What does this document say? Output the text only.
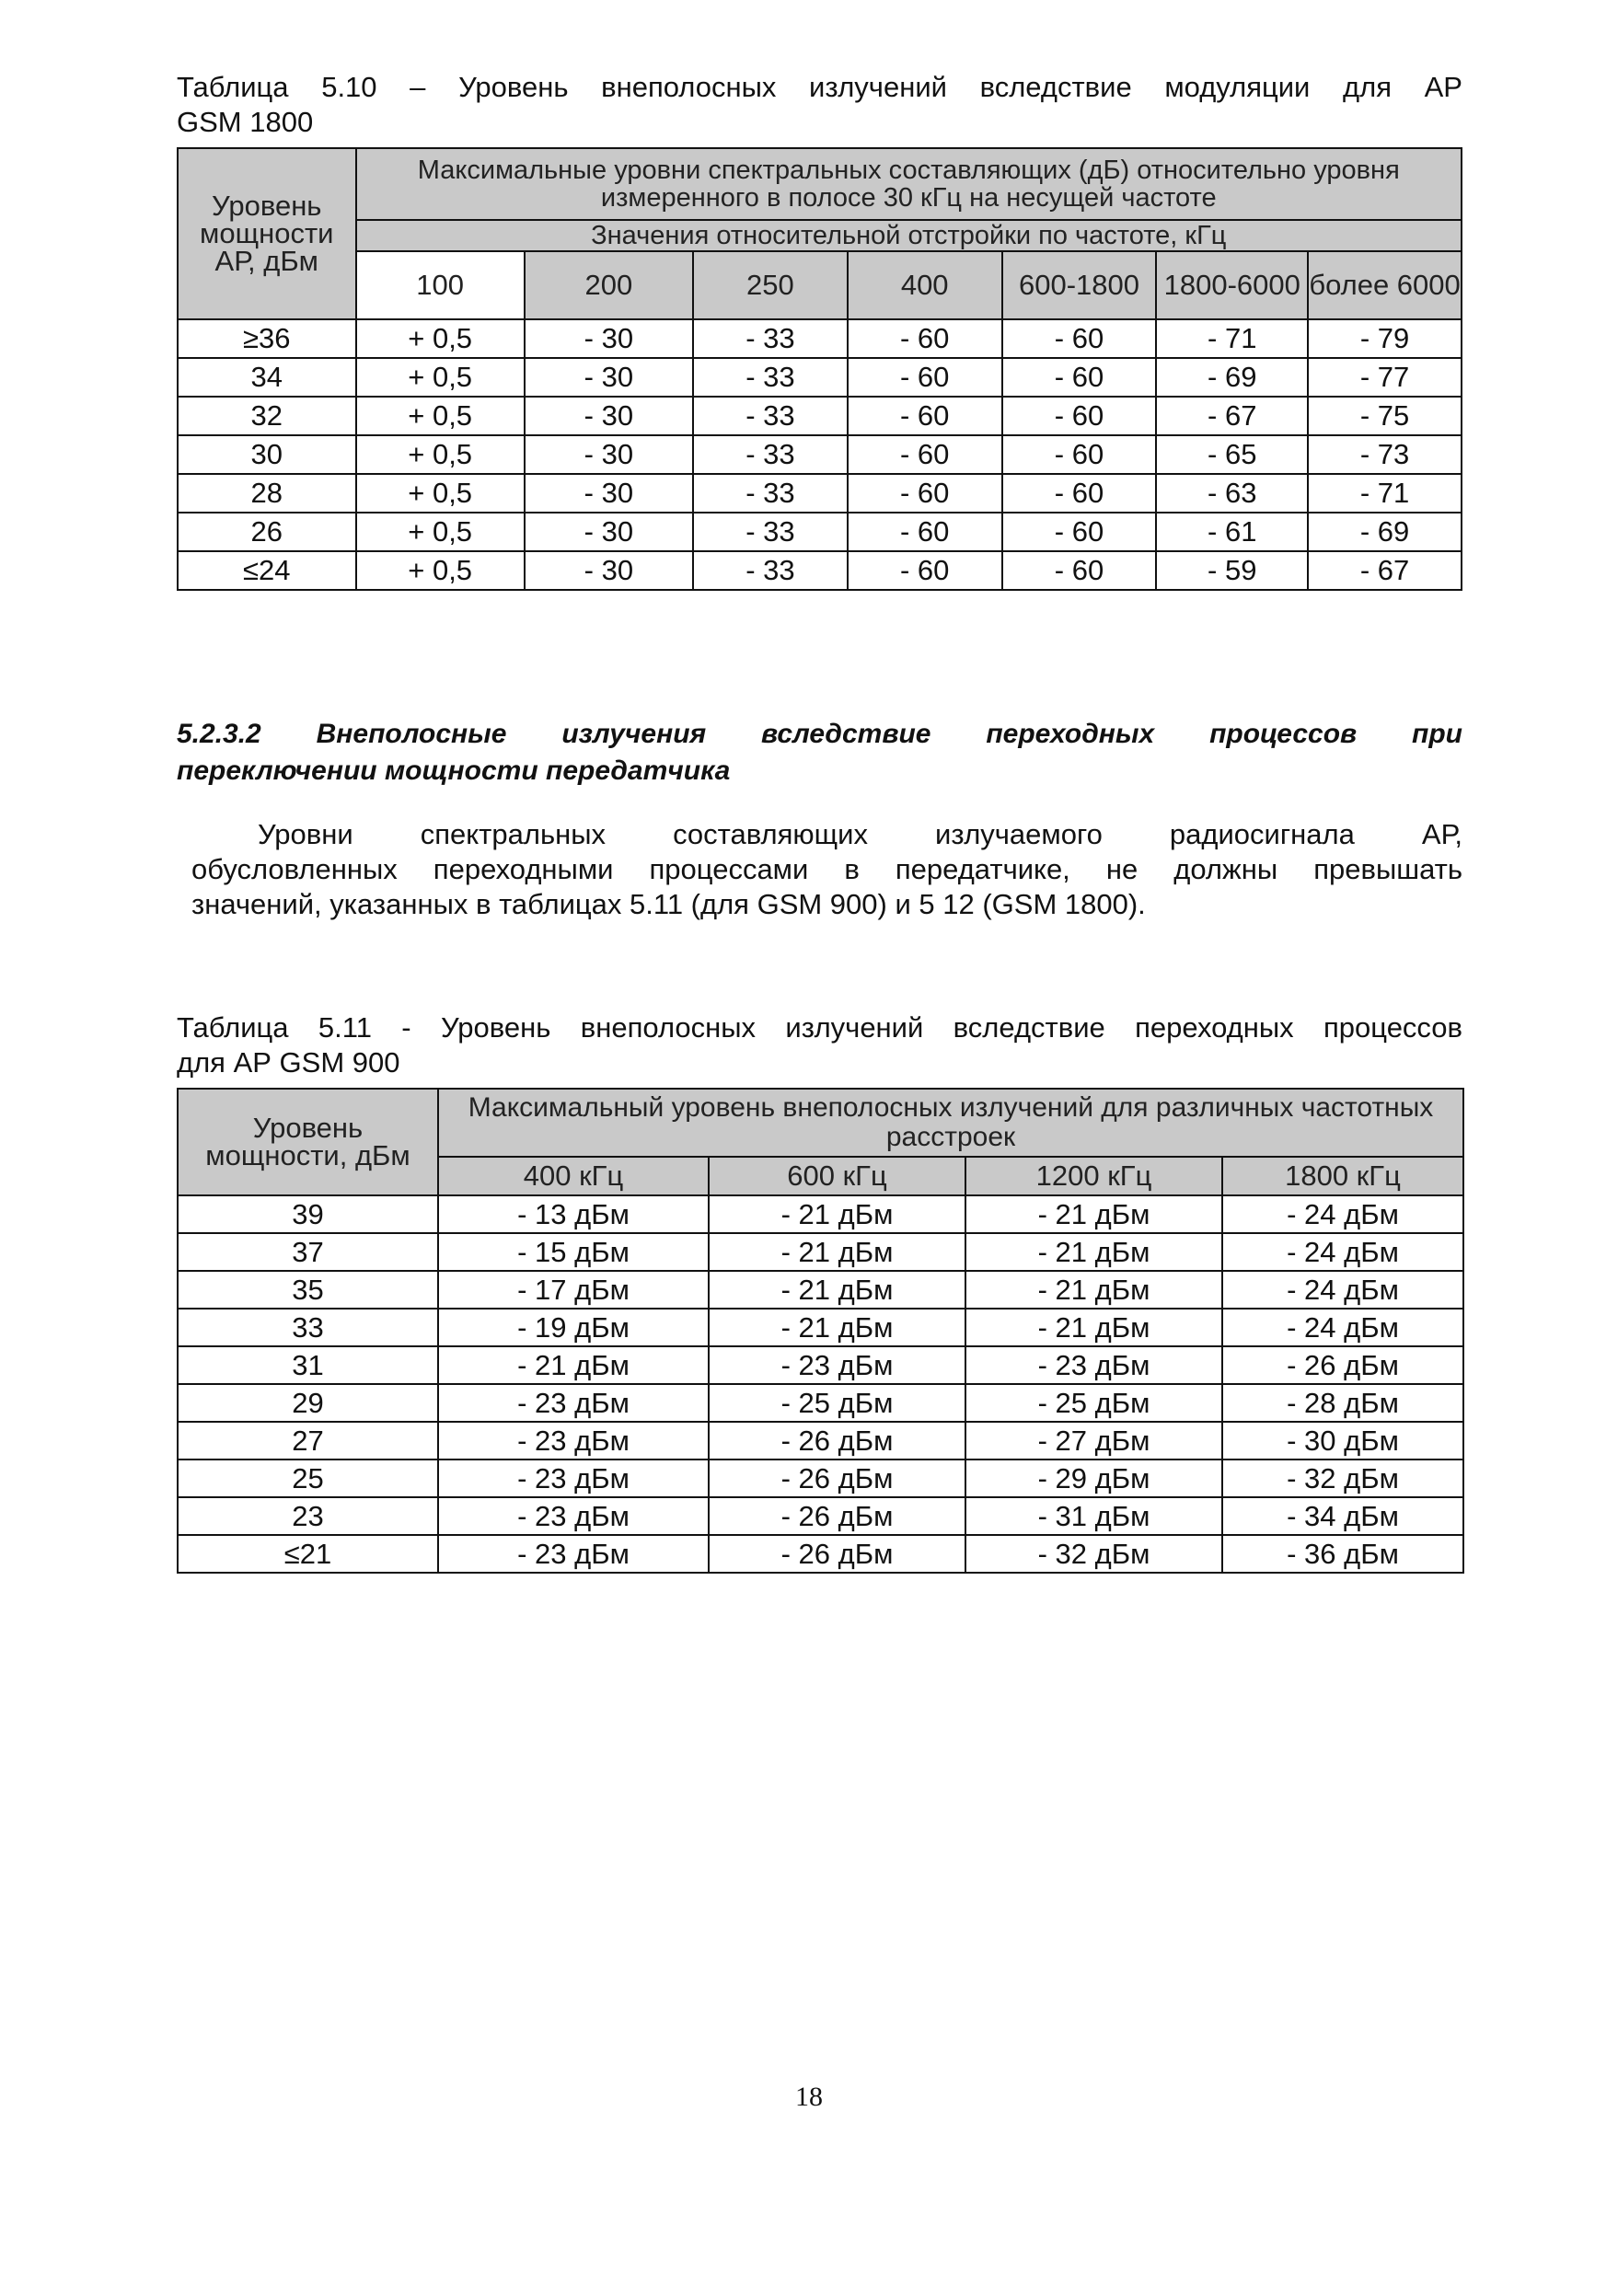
Таблица 5.10 – Уровень внеполосных излучений вследствие модуляции для АР
GSM 1800
Уровень мощности АР, дБм	Максимальные уровни спектральных составляющих (дБ) относительно уровня измеренного в полосе 30 кГц на несущей частоте						
	Значения относительной отстройки по частоте, кГц						
	100	200	250	400	600-1800	1800-6000	более 6000
≥36	+ 0,5	- 30	- 33	- 60	- 60	- 71	- 79
34	+ 0,5	- 30	- 33	- 60	- 60	- 69	- 77
32	+ 0,5	- 30	- 33	- 60	- 60	- 67	- 75
30	+ 0,5	- 30	- 33	- 60	- 60	- 65	- 73
28	+ 0,5	- 30	- 33	- 60	- 60	- 63	- 71
26	+ 0,5	- 30	- 33	- 60	- 60	- 61	- 69
≤24	+ 0,5	- 30	- 33	- 60	- 60	- 59	- 67
5.2.3.2 Внеполосные излучения вследствие переходных процессов при
переключении мощности передатчика
Уровни спектральных составляющих излучаемого радиосигнала АР,
обусловленных переходными процессами в передатчике, не должны превышать
значений, указанных в таблицах 5.11 (для GSM 900) и 5 12 (GSM 1800).
Таблица 5.11 - Уровень внеполосных излучений вследствие переходных процессов
для АР GSM 900
Уровень мощности, дБм	Максимальный уровень внеполосных излучений для различных частотных расстроек			
	400 кГц	600 кГц	1200 кГц	1800 кГц
39	- 13 дБм	- 21 дБм	- 21 дБм	- 24 дБм
37	- 15 дБм	- 21 дБм	- 21 дБм	- 24 дБм
35	- 17 дБм	- 21 дБм	- 21 дБм	- 24 дБм
33	- 19 дБм	- 21 дБм	- 21 дБм	- 24 дБм
31	- 21 дБм	- 23 дБм	- 23 дБм	- 26 дБм
29	- 23 дБм	- 25 дБм	- 25 дБм	- 28 дБм
27	- 23 дБм	- 26 дБм	- 27 дБм	- 30 дБм
25	- 23 дБм	- 26 дБм	- 29 дБм	- 32 дБм
23	- 23 дБм	- 26 дБм	- 31 дБм	- 34 дБм
≤21	- 23 дБм	- 26 дБм	- 32 дБм	- 36 дБм
18
